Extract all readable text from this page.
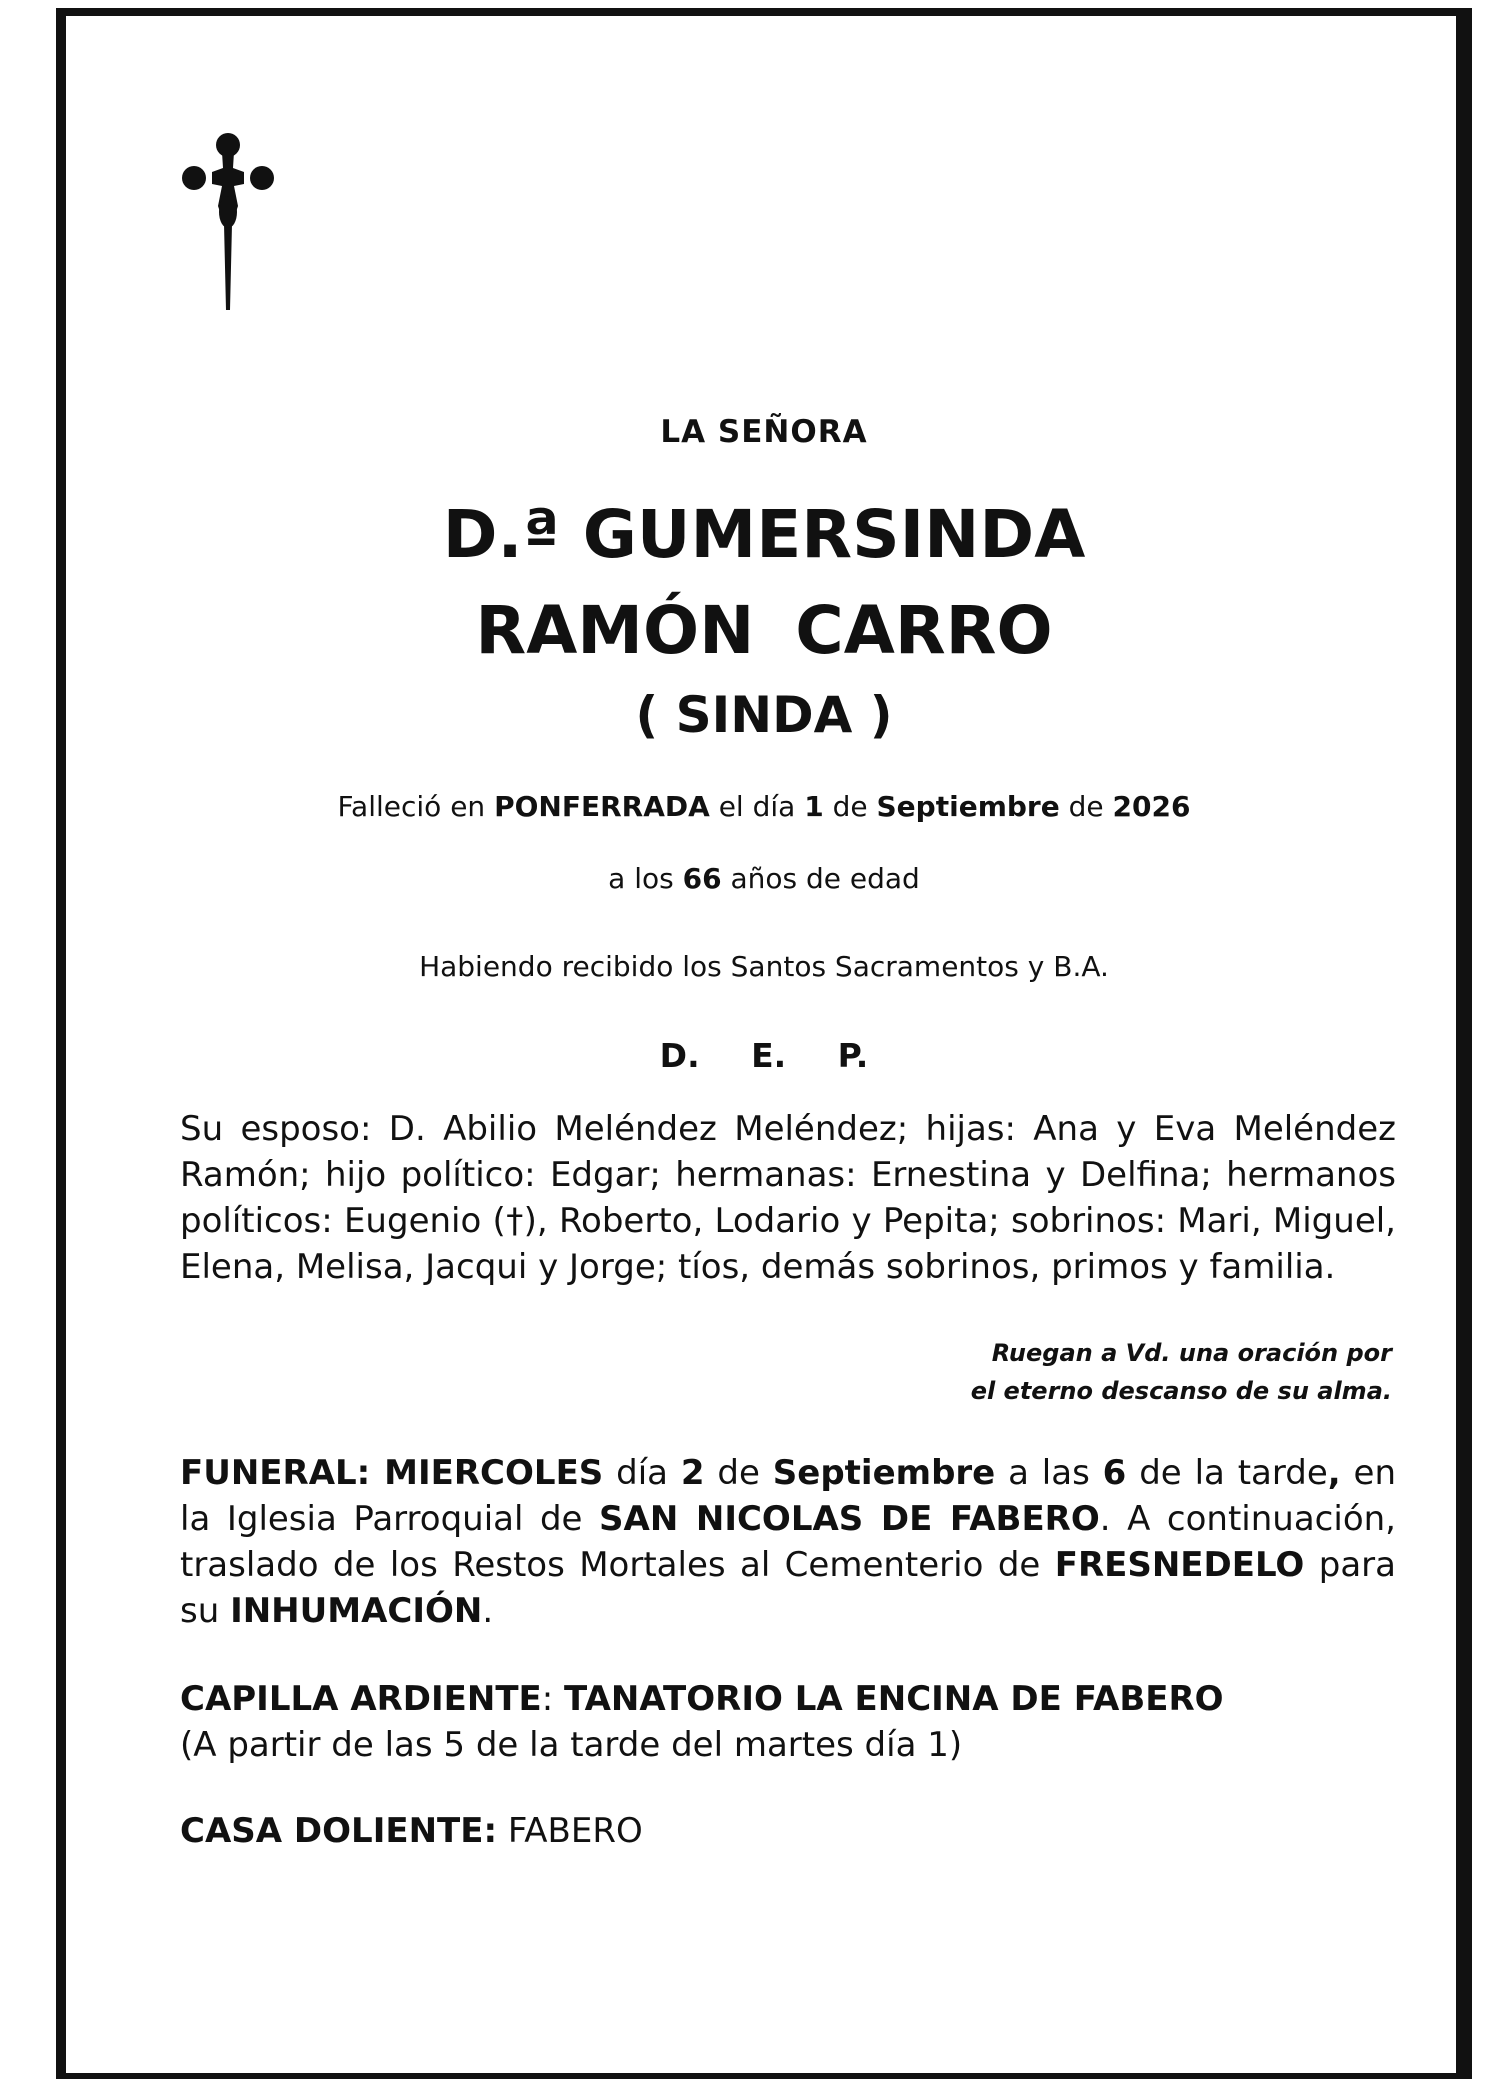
LA SEÑORA

D.ª GUMERSINDA

RAMÓN CARRO

( SINDA )

Falleció en PONFERRADA el día 1 de Septiembre de 2026

a los 66 años de edad

Habiendo recibido los Santos Sacramentos y B.A.

D. E. P.

Su esposo: D. Abilio Meléndez Meléndez; hijas: Ana y Eva Meléndez Ramón; hijo político: Edgar; hermanas: Ernestina y Delfina; hermanos políticos: Eugenio (†), Roberto, Lodario y Pepita; sobrinos: Mari, Miguel, Elena, Melisa, Jacqui y Jorge; tíos, demás sobrinos, primos y familia.

Ruegan a Vd. una oración por
el eterno descanso de su alma.

FUNERAL: MIERCOLES día 2 de Septiembre a las 6 de la tarde, en la Iglesia Parroquial de SAN NICOLAS DE FABERO. A continuación, traslado de los Restos Mortales al Cementerio de FRESNEDELO para su INHUMACIÓN.

CAPILLA ARDIENTE: TANATORIO LA ENCINA DE FABERO
(A partir de las 5 de la tarde del martes día 1)

CASA DOLIENTE: FABERO
